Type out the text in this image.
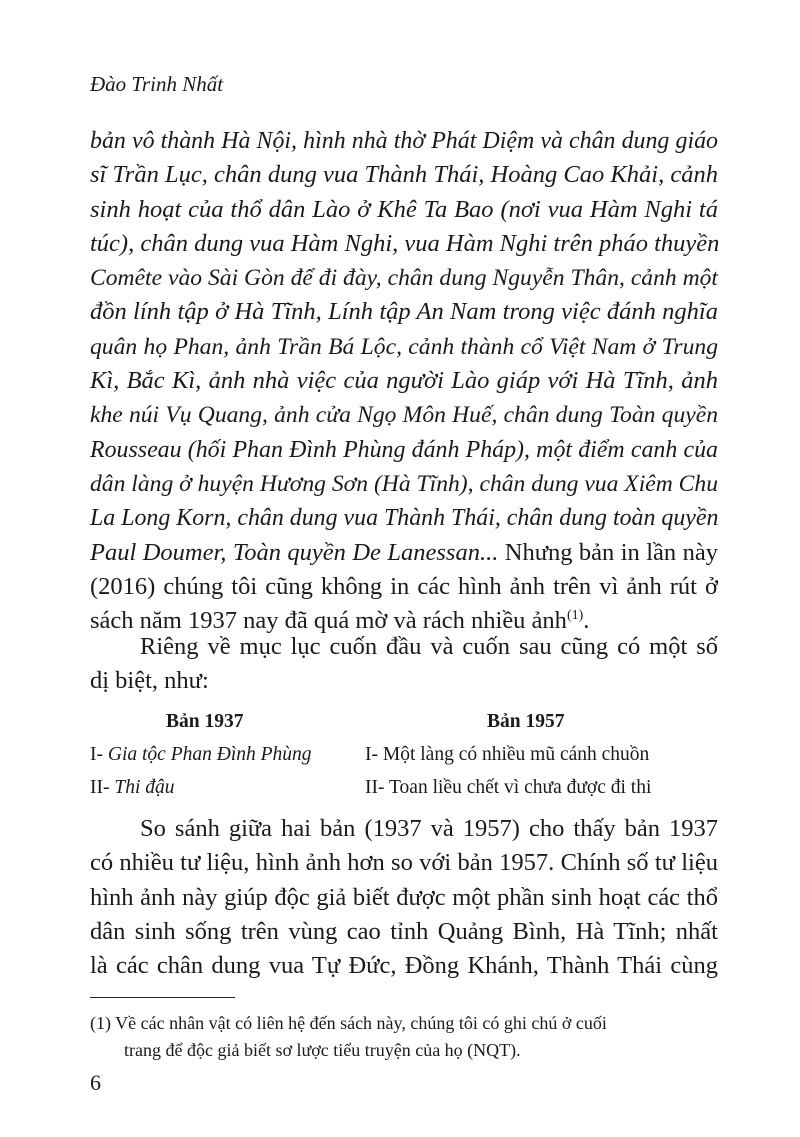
Đào Trinh Nhất
bản vô thành Hà Nội, hình nhà thờ Phát Diệm và chân dung giáo
sĩ Trần Lục, chân dung vua Thành Thái, Hoàng Cao Khải, cảnh
sinh hoạt của thổ dân Lào ở Khê Ta Bao (nơi vua Hàm Nghi tá
túc), chân dung vua Hàm Nghi, vua Hàm Nghi trên pháo thuyền
Comête vào Sài Gòn để đi đày, chân dung Nguyễn Thân, cảnh một
đồn lính tập ở Hà Tĩnh, Lính tập An Nam trong việc đánh nghĩa
quân họ Phan, ảnh Trần Bá Lộc, cảnh thành cổ Việt Nam ở Trung
Kì, Bắc Kì, ảnh nhà việc của người Lào giáp với Hà Tĩnh, ảnh
khe núi Vụ Quang, ảnh cửa Ngọ Môn Huế, chân dung Toàn quyền
Rousseau (hối Phan Đình Phùng đánh Pháp), một điểm canh của
dân làng ở huyện Hương Sơn (Hà Tĩnh), chân dung vua Xiêm Chu
La Long Korn, chân dung vua Thành Thái, chân dung toàn quyền
Paul Doumer, Toàn quyền De Lanessan... Nhưng bản in lần này
(2016) chúng tôi cũng không in các hình ảnh trên vì ảnh rút ở
sách năm 1937 nay đã quá mờ và rách nhiều ảnh$^{(1)}$.
Riêng về mục lục cuốn đầu và cuốn sau cũng có một số
dị biệt, như:
Bản 1937	Bản 1957
I- Gia tộc Phan Đình Phùng	I- Một làng có nhiều mũ cánh chuồn
II- Thi đậu	II- Toan liều chết vì chưa được đi thi
So sánh giữa hai bản (1937 và 1957) cho thấy bản 1937
có nhiều tư liệu, hình ảnh hơn so với bản 1957. Chính số tư liệu
hình ảnh này giúp độc giả biết được một phần sinh hoạt các thổ
dân sinh sống trên vùng cao tỉnh Quảng Bình, Hà Tĩnh; nhất
là các chân dung vua Tự Đức, Đồng Khánh, Thành Thái cùng
(1) Về các nhân vật có liên hệ đến sách này, chúng tôi có ghi chú ở cuối
trang để độc giả biết sơ lược tiểu truyện của họ (NQT).
6
